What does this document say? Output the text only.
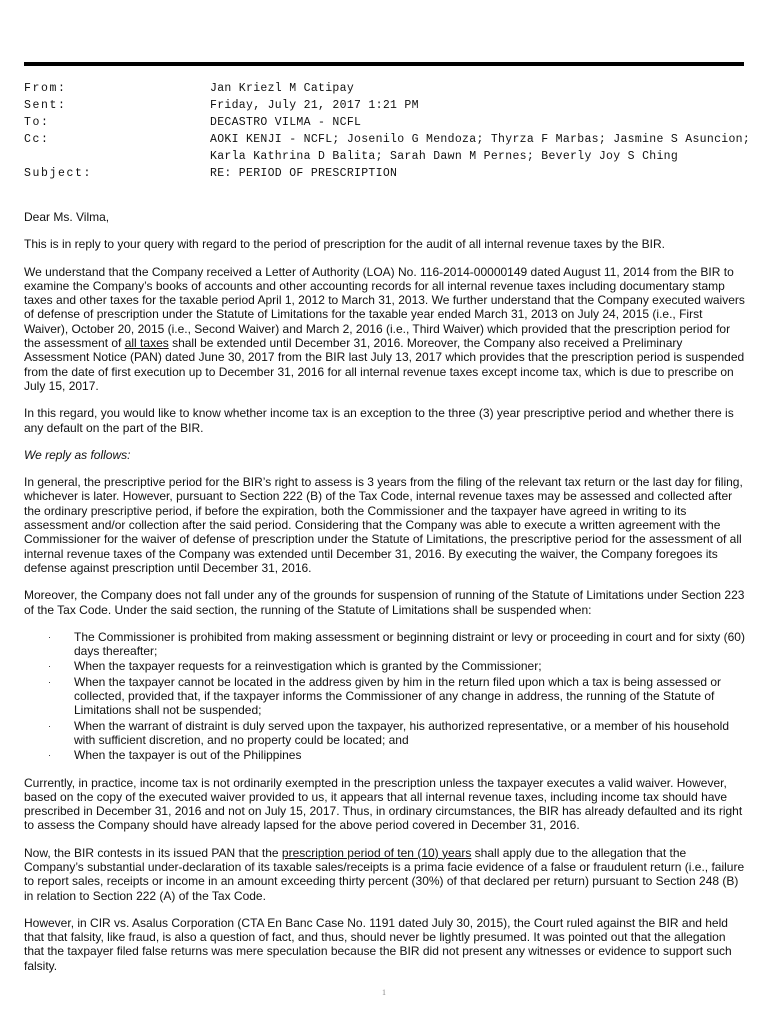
From:	Jan Kriezl M Catipay
Sent:	Friday, July 21, 2017 1:21 PM
To:	DECASTRO VILMA - NCFL
Cc:	AOKI KENJI - NCFL; Josenilo G Mendoza; Thyrza F Marbas; Jasmine S Asuncion; Karla Kathrina D Balita; Sarah Dawn M Pernes; Beverly Joy S Ching
Subject:	RE: PERIOD OF PRESCRIPTION

Dear Ms. Vilma,

This is in reply to your query with regard to the period of prescription for the audit of all internal revenue taxes by the BIR.

We understand that the Company received a Letter of Authority (LOA) No. 116-2014-00000149 dated August 11, 2014 from the BIR to examine the Company’s books of accounts and other accounting records for all internal revenue taxes including documentary stamp taxes and other taxes for the taxable period April 1, 2012 to March 31, 2013. We further understand that the Company executed waivers of defense of prescription under the Statute of Limitations for the taxable year ended March 31, 2013 on July 24, 2015 (i.e., First Waiver), October 20, 2015 (i.e., Second Waiver) and March 2, 2016 (i.e., Third Waiver) which provided that the prescription period for the assessment of all taxes shall be extended until December 31, 2016. Moreover, the Company also received a Preliminary Assessment Notice (PAN) dated June 30, 2017 from the BIR last July 13, 2017 which provides that the prescription period is suspended from the date of first execution up to December 31, 2016 for all internal revenue taxes except income tax, which is due to prescribe on July 15, 2017.

In this regard, you would like to know whether income tax is an exception to the three (3) year prescriptive period and whether there is any default on the part of the BIR.

We reply as follows:

In general, the prescriptive period for the BIR’s right to assess is 3 years from the filing of the relevant tax return or the last day for filing, whichever is later. However, pursuant to Section 222 (B) of the Tax Code, internal revenue taxes may be assessed and collected after the ordinary prescriptive period, if before the expiration, both the Commissioner and the taxpayer have agreed in writing to its assessment and/or collection after the said period. Considering that the Company was able to execute a written agreement with the Commissioner for the waiver of defense of prescription under the Statute of Limitations, the prescriptive period for the assessment of all internal revenue taxes of the Company was extended until December 31, 2016. By executing the waiver, the Company foregoes its defense against prescription until December 31, 2016.

Moreover, the Company does not fall under any of the grounds for suspension of running of the Statute of Limitations under Section 223 of the Tax Code. Under the said section, the running of the Statute of Limitations shall be suspended when:

· The Commissioner is prohibited from making assessment or beginning distraint or levy or proceeding in court and for sixty (60) days thereafter;
· When the taxpayer requests for a reinvestigation which is granted by the Commissioner;
· When the taxpayer cannot be located in the address given by him in the return filed upon which a tax is being assessed or collected, provided that, if the taxpayer informs the Commissioner of any change in address, the running of the Statute of Limitations shall not be suspended;
· When the warrant of distraint is duly served upon the taxpayer, his authorized representative, or a member of his household with sufficient discretion, and no property could be located; and
· When the taxpayer is out of the Philippines

Currently, in practice, income tax is not ordinarily exempted in the prescription unless the taxpayer executes a valid waiver. However, based on the copy of the executed waiver provided to us, it appears that all internal revenue taxes, including income tax should have prescribed in December 31, 2016 and not on July 15, 2017. Thus, in ordinary circumstances, the BIR has already defaulted and its right to assess the Company should have already lapsed for the above period covered in December 31, 2016.

Now, the BIR contests in its issued PAN that the prescription period of ten (10) years shall apply due to the allegation that the Company’s substantial under-declaration of its taxable sales/receipts is a prima facie evidence of a false or fraudulent return (i.e., failure to report sales, receipts or income in an amount exceeding thirty percent (30%) of that declared per return) pursuant to Section 248 (B) in relation to Section 222 (A) of the Tax Code.

However, in CIR vs. Asalus Corporation (CTA En Banc Case No. 1191 dated July 30, 2015), the Court ruled against the BIR and held that that falsity, like fraud, is also a question of fact, and thus, should never be lightly presumed. It was pointed out that the allegation that the taxpayer filed false returns was mere speculation because the BIR did not present any witnesses or evidence to support such falsity.

1
